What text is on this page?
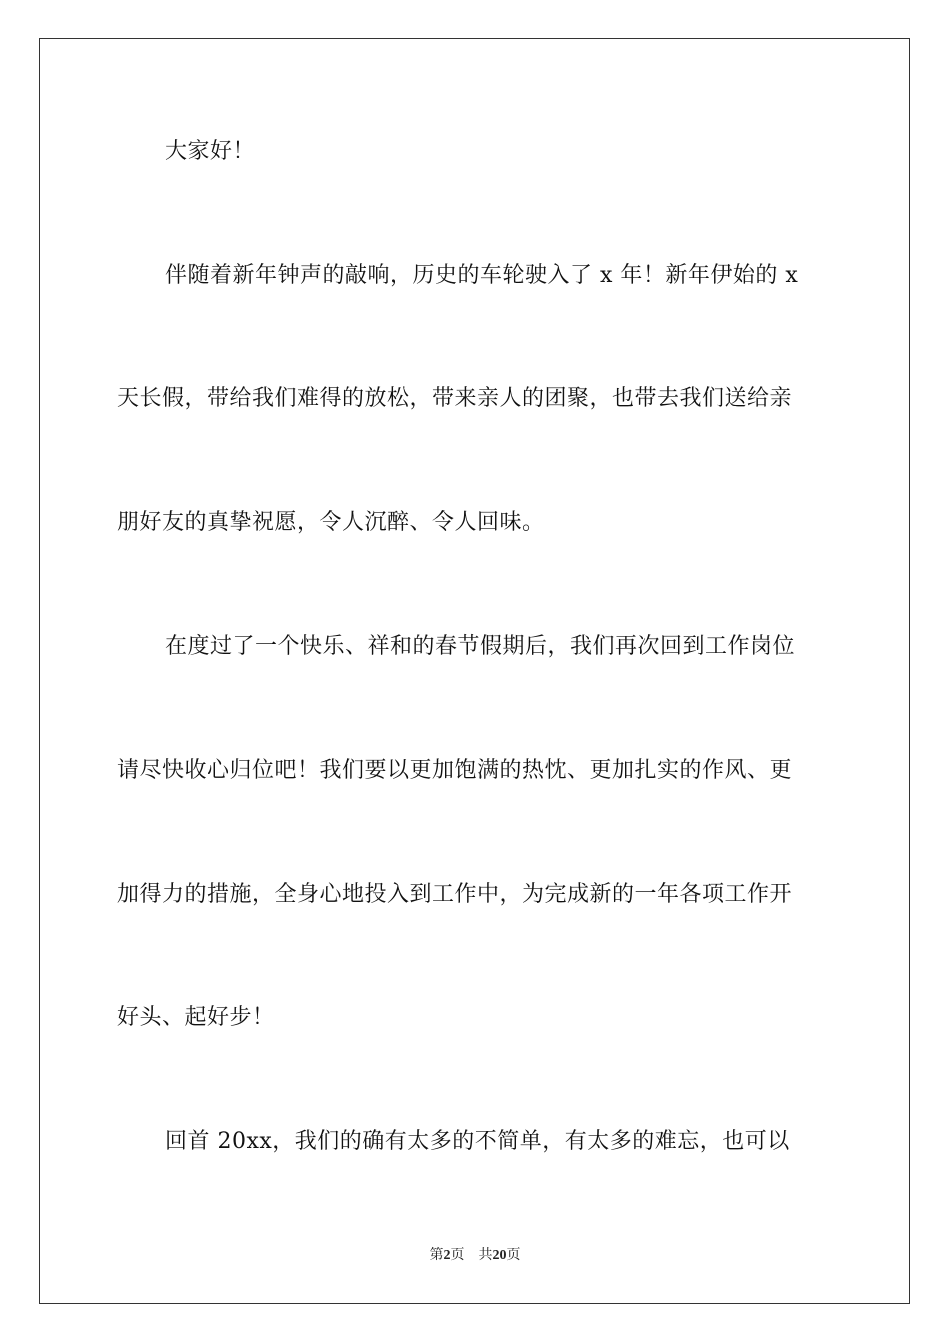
大家好！
伴随着新年钟声的敲响，历史的车轮驶入了 x 年！新年伊始的 x
天长假，带给我们难得的放松，带来亲人的团聚，也带去我们送给亲
朋好友的真挚祝愿，令人沉醉、令人回味。
在度过了一个快乐、祥和的春节假期后，我们再次回到工作岗位
请尽快收心归位吧！我们要以更加饱满的热忱、更加扎实的作风、更
加得力的措施，全身心地投入到工作中，为完成新的一年各项工作开
好头、起好步！
回首 20xx，我们的确有太多的不简单，有太多的难忘，也可以
第2页 共20页
